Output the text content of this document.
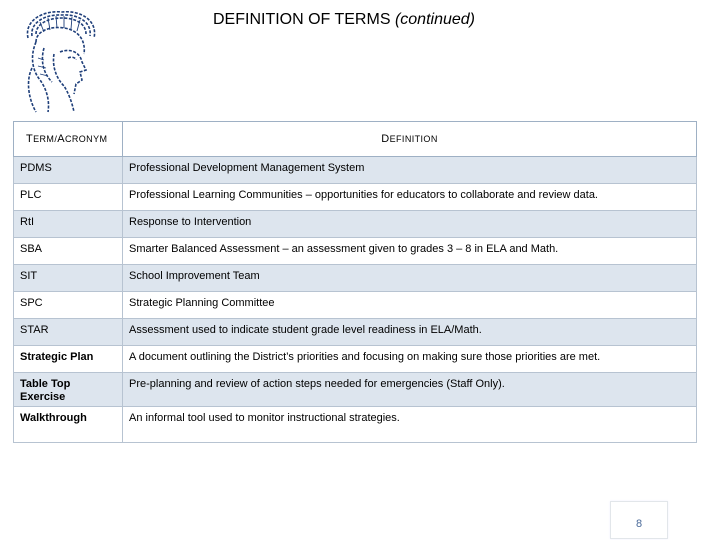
DEFINITION OF TERMS (continued)
TERM/ACRONYM	DEFINITION
PDMS	Professional Development Management System
PLC	Professional Learning Communities – opportunities for educators to collaborate and review data.
RtI	Response to Intervention
SBA	Smarter Balanced Assessment – an assessment given to grades 3 – 8 in ELA and Math.
SIT	School Improvement Team
SPC	Strategic Planning Committee
STAR	Assessment used to indicate student grade level readiness in ELA/Math.
Strategic Plan	A document outlining the District’s priorities and focusing on making sure those priorities are met.
Table Top Exercise	Pre-planning and review of action steps needed for emergencies (Staff Only).
Walkthrough	An informal tool used to monitor instructional strategies.
8
